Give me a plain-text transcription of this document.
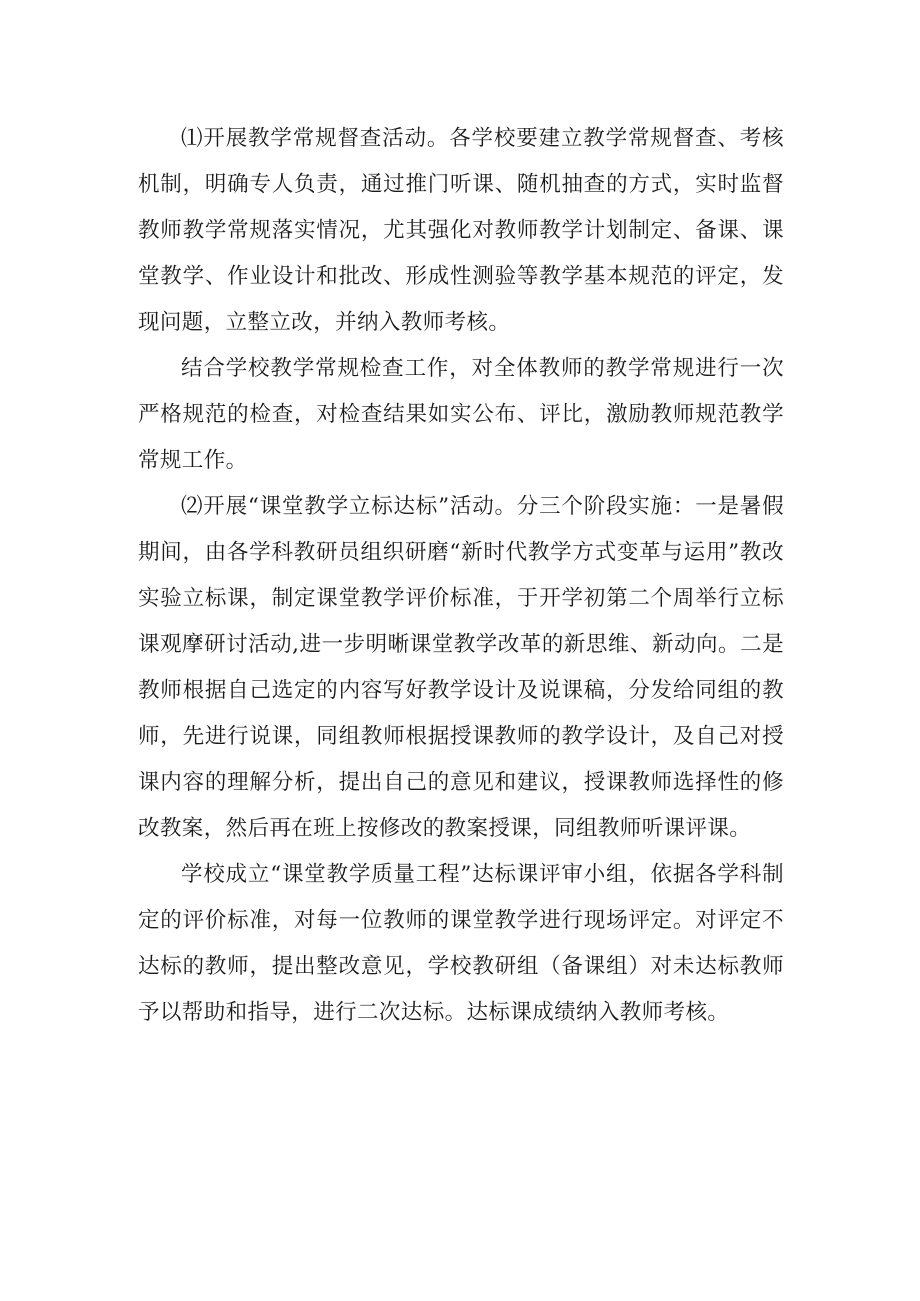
⑴开展教学常规督查活动。各学校要建立教学常规督查、考核机制，明确专人负责，通过推门听课、随机抽查的方式，实时监督教师教学常规落实情况，尤其强化对教师教学计划制定、备课、课堂教学、作业设计和批改、形成性测验等教学基本规范的评定，发现问题，立整立改，并纳入教师考核。

结合学校教学常规检查工作，对全体教师的教学常规进行一次严格规范的检查，对检查结果如实公布、评比，激励教师规范教学常规工作。

⑵开展“课堂教学立标达标”活动。分三个阶段实施：一是暑假期间，由各学科教研员组织研磨“新时代教学方式变革与运用”教改实验立标课，制定课堂教学评价标准，于开学初第二个周举行立标课观摩研讨活动,进一步明晰课堂教学改革的新思维、新动向。二是教师根据自己选定的内容写好教学设计及说课稿，分发给同组的教师，先进行说课，同组教师根据授课教师的教学设计，及自己对授课内容的理解分析，提出自己的意见和建议，授课教师选择性的修改教案，然后再在班上按修改的教案授课，同组教师听课评课。

学校成立“课堂教学质量工程”达标课评审小组，依据各学科制定的评价标准，对每一位教师的课堂教学进行现场评定。对评定不达标的教师，提出整改意见，学校教研组（备课组）对未达标教师予以帮助和指导，进行二次达标。达标课成绩纳入教师考核。
